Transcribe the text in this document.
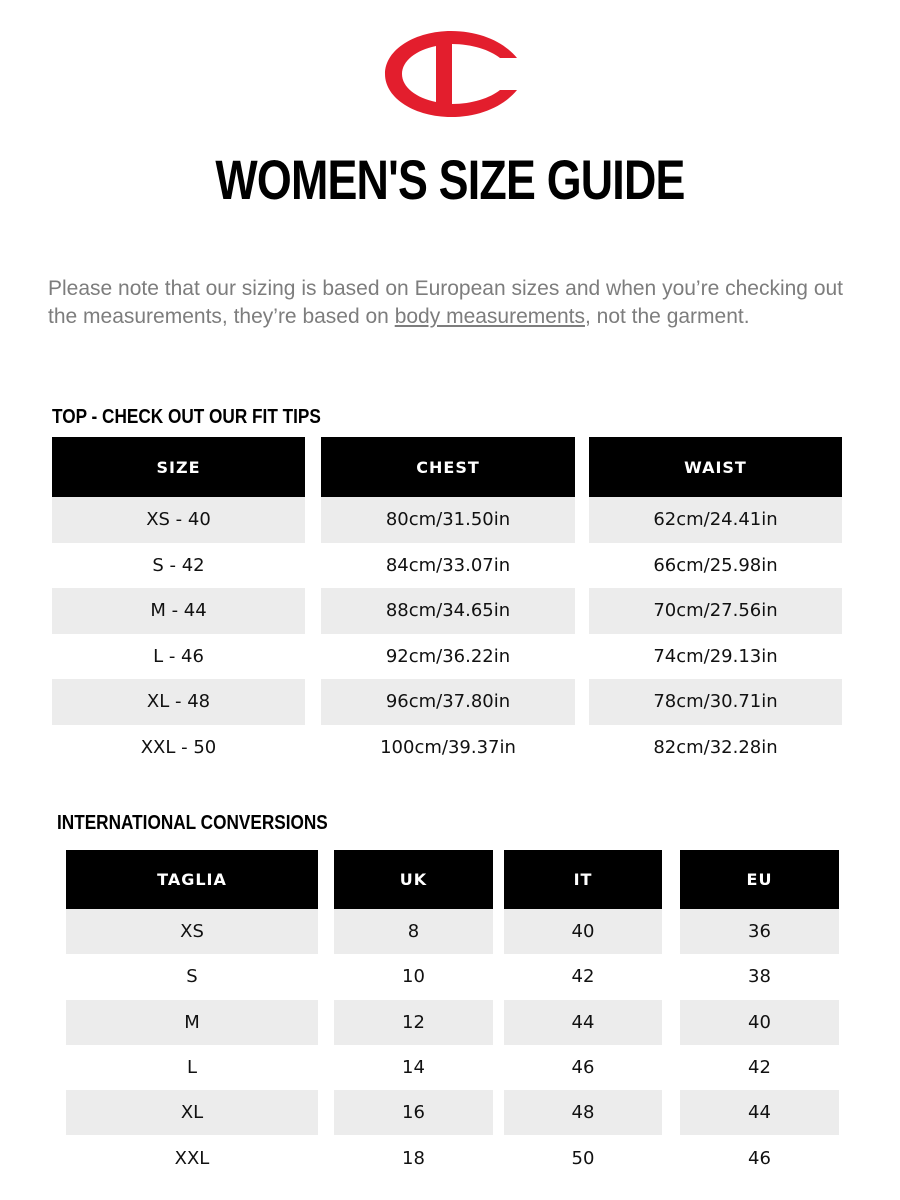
WOMEN'S SIZE GUIDE
Please note that our sizing is based on European sizes and when you’re checking out the measurements, they’re based on body measurements, not the garment.
TOP - CHECK OUT OUR FIT TIPS
SIZE
XS - 40
S - 42
M - 44
L - 46
XL - 48
XXL - 50
CHEST
80cm/31.50in
84cm/33.07in
88cm/34.65in
92cm/36.22in
96cm/37.80in
100cm/39.37in
WAIST
62cm/24.41in
66cm/25.98in
70cm/27.56in
74cm/29.13in
78cm/30.71in
82cm/32.28in
INTERNATIONAL CONVERSIONS
TAGLIA
XS
S
M
L
XL
XXL
UK
8
10
12
14
16
18
IT
40
42
44
46
48
50
EU
36
38
40
42
44
46
